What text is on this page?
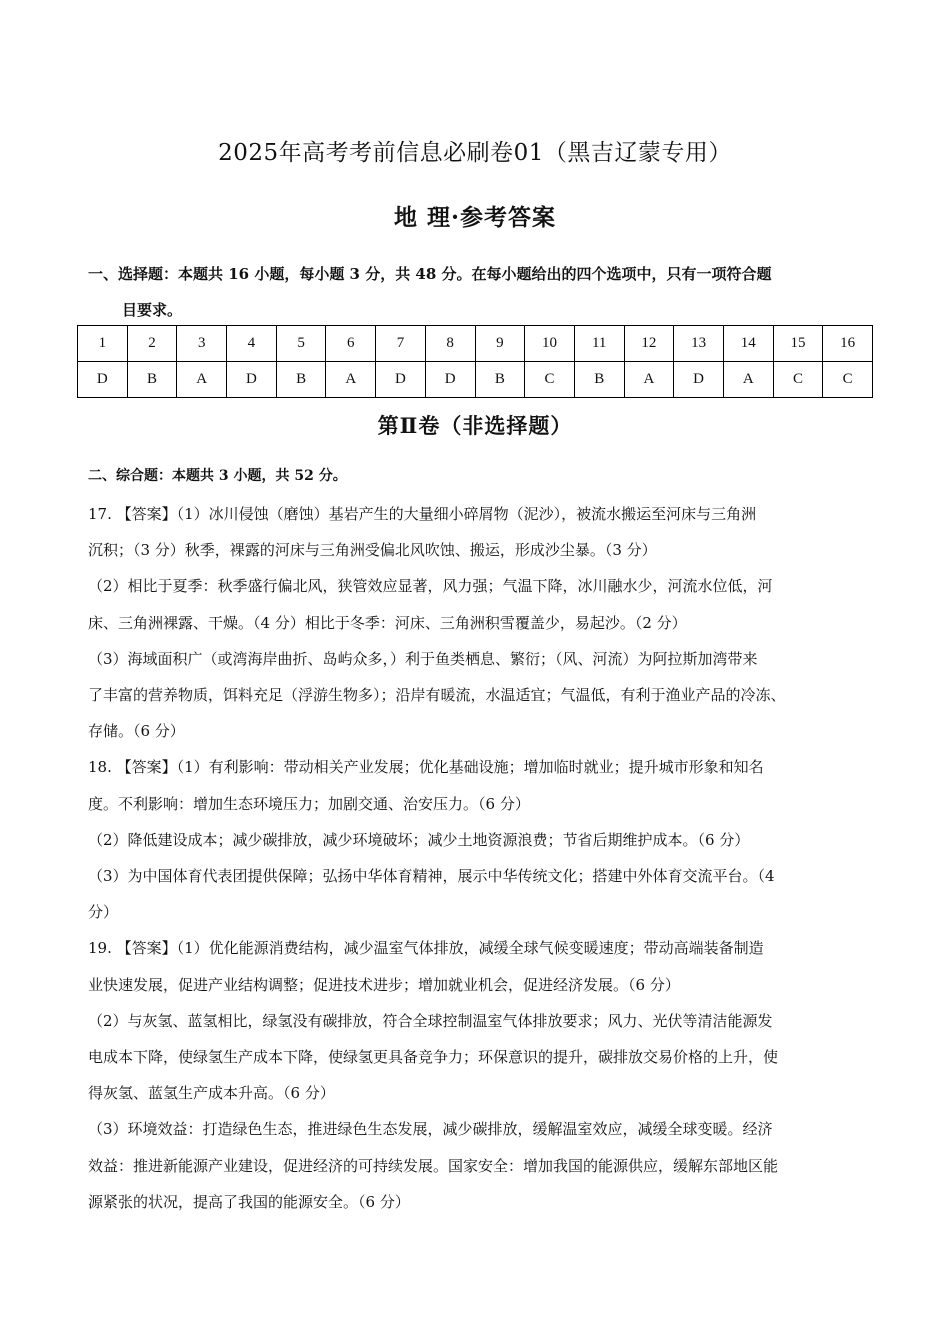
2025年高考考前信息必刷卷01（黑吉辽蒙专用）
地 理·参考答案
一、选择题：本题共 16 小题，每小题 3 分，共 48 分。在每小题给出的四个选项中，只有一项符合题
目要求。
1	2	3	4	5	6	7	8	9	10	11	12	13	14	15	16
D	B	A	D	B	A	D	D	B	C	B	A	D	A	C	C
第Ⅱ卷（非选择题）
二、综合题：本题共 3 小题，共 52 分。
17. 【答案】（1）冰川侵蚀（磨蚀）基岩产生的大量细小碎屑物（泥沙），被流水搬运至河床与三角洲
沉积；（3 分）秋季，裸露的河床与三角洲受偏北风吹蚀、搬运，形成沙尘暴。（3 分）
（2）相比于夏季：秋季盛行偏北风，狭管效应显著，风力强；气温下降，冰川融水少，河流水位低，河
床、三角洲裸露、干燥。（4 分）相比于冬季：河床、三角洲积雪覆盖少，易起沙。（2 分）
（3）海域面积广（或湾海岸曲折、岛屿众多，）利于鱼类栖息、繁衍；（风、河流）为阿拉斯加湾带来
了丰富的营养物质，饵料充足（浮游生物多）；沿岸有暖流，水温适宜；气温低，有利于渔业产品的冷冻、
存储。（6 分）
18. 【答案】（1）有利影响：带动相关产业发展；优化基础设施；增加临时就业；提升城市形象和知名
度。不利影响：增加生态环境压力；加剧交通、治安压力。（6 分）
（2）降低建设成本；减少碳排放，减少环境破坏；减少土地资源浪费；节省后期维护成本。（6 分）
（3）为中国体育代表团提供保障；弘扬中华体育精神，展示中华传统文化；搭建中外体育交流平台。（4
分）
19. 【答案】（1）优化能源消费结构，减少温室气体排放，减缓全球气候变暖速度；带动高端装备制造
业快速发展，促进产业结构调整；促进技术进步；增加就业机会，促进经济发展。（6 分）
（2）与灰氢、蓝氢相比，绿氢没有碳排放，符合全球控制温室气体排放要求；风力、光伏等清洁能源发
电成本下降，使绿氢生产成本下降，使绿氢更具备竞争力；环保意识的提升，碳排放交易价格的上升，使
得灰氢、蓝氢生产成本升高。（6 分）
（3）环境效益：打造绿色生态，推进绿色生态发展，减少碳排放，缓解温室效应，减缓全球变暖。经济
效益：推进新能源产业建设，促进经济的可持续发展。国家安全：增加我国的能源供应，缓解东部地区能
源紧张的状况，提高了我国的能源安全。（6 分）
